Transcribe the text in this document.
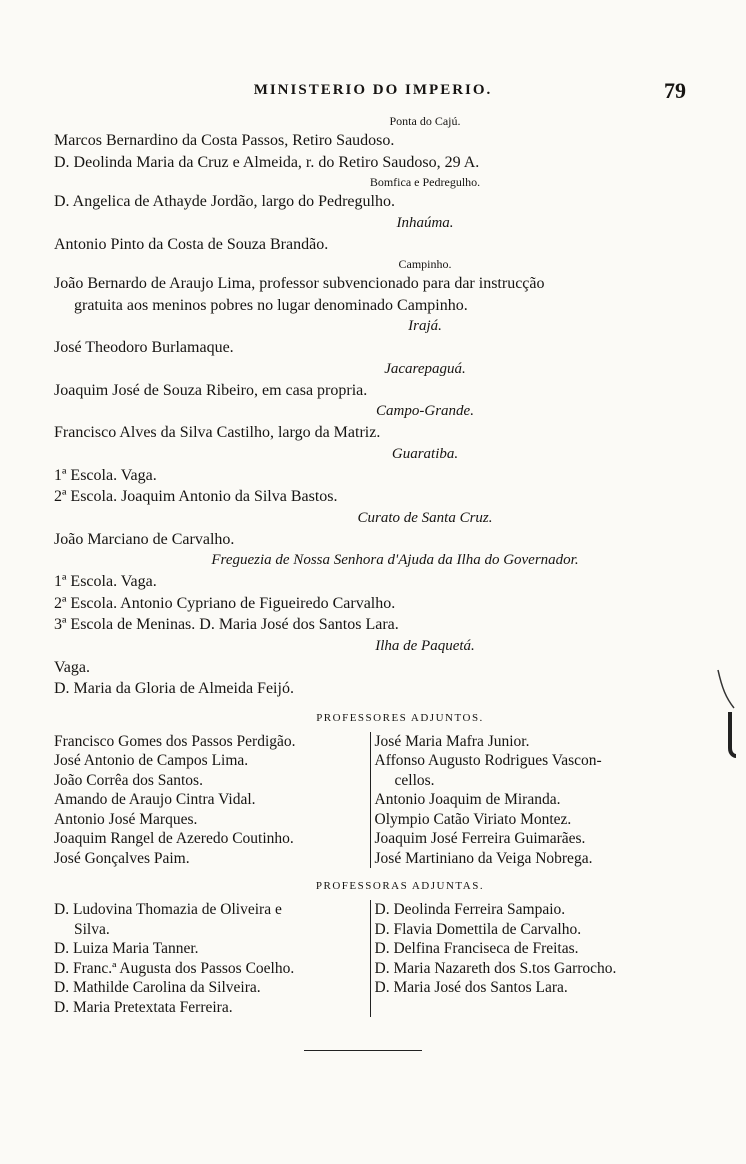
MINISTERIO DO IMPERIO.	79
Ponta do Cajú.
Marcos Bernardino da Costa Passos, Retiro Saudoso.
D. Deolinda Maria da Cruz e Almeida, r. do Retiro Saudoso, 29 A.
Bomfica e Pedregulho.
D. Angelica de Athayde Jordão, largo do Pedregulho.
Inhaúma.
Antonio Pinto da Costa de Souza Brandão.
Campinho.
João Bernardo de Araujo Lima, professor subvencionado para dar instrucção
gratuita aos meninos pobres no lugar denominado Campinho.
Irajá.
José Theodoro Burlamaque.
Jacarepaguá.
Joaquim José de Souza Ribeiro, em casa propria.
Campo-Grande.
Francisco Alves da Silva Castilho, largo da Matriz.
Guaratiba.
1ª Escola. Vaga.
2ª Escola. Joaquim Antonio da Silva Bastos.
Curato de Santa Cruz.
João Marciano de Carvalho.
Freguezia de Nossa Senhora d'Ajuda da Ilha do Governador.
1ª Escola. Vaga.
2ª Escola. Antonio Cypriano de Figueiredo Carvalho.
3ª Escola de Meninas. D. Maria José dos Santos Lara.
Ilha de Paquetá.
Vaga.
D. Maria da Gloria de Almeida Feijó.
PROFESSORES ADJUNTOS.
Francisco Gomes dos Passos Perdigão.
José Antonio de Campos Lima.
João Corrêa dos Santos.
Amando de Araujo Cintra Vidal.
Antonio José Marques.
Joaquim Rangel de Azeredo Coutinho.
José Gonçalves Paim.
José Maria Mafra Junior.
Affonso Augusto Rodrigues Vascon-
cellos.
Antonio Joaquim de Miranda.
Olympio Catão Viriato Montez.
Joaquim José Ferreira Guimarães.
José Martiniano da Veiga Nobrega.
PROFESSORAS ADJUNTAS.
D. Ludovina Thomazia de Oliveira e
Silva.
D. Luiza Maria Tanner.
D. Franc.ª Augusta dos Passos Coelho.
D. Mathilde Carolina da Silveira.
D. Maria Pretextata Ferreira.
D. Deolinda Ferreira Sampaio.
D. Flavia Domettila de Carvalho.
D. Delfina Franciseca de Freitas.
D. Maria Nazareth dos S.tos Garrocho.
D. Maria José dos Santos Lara.
